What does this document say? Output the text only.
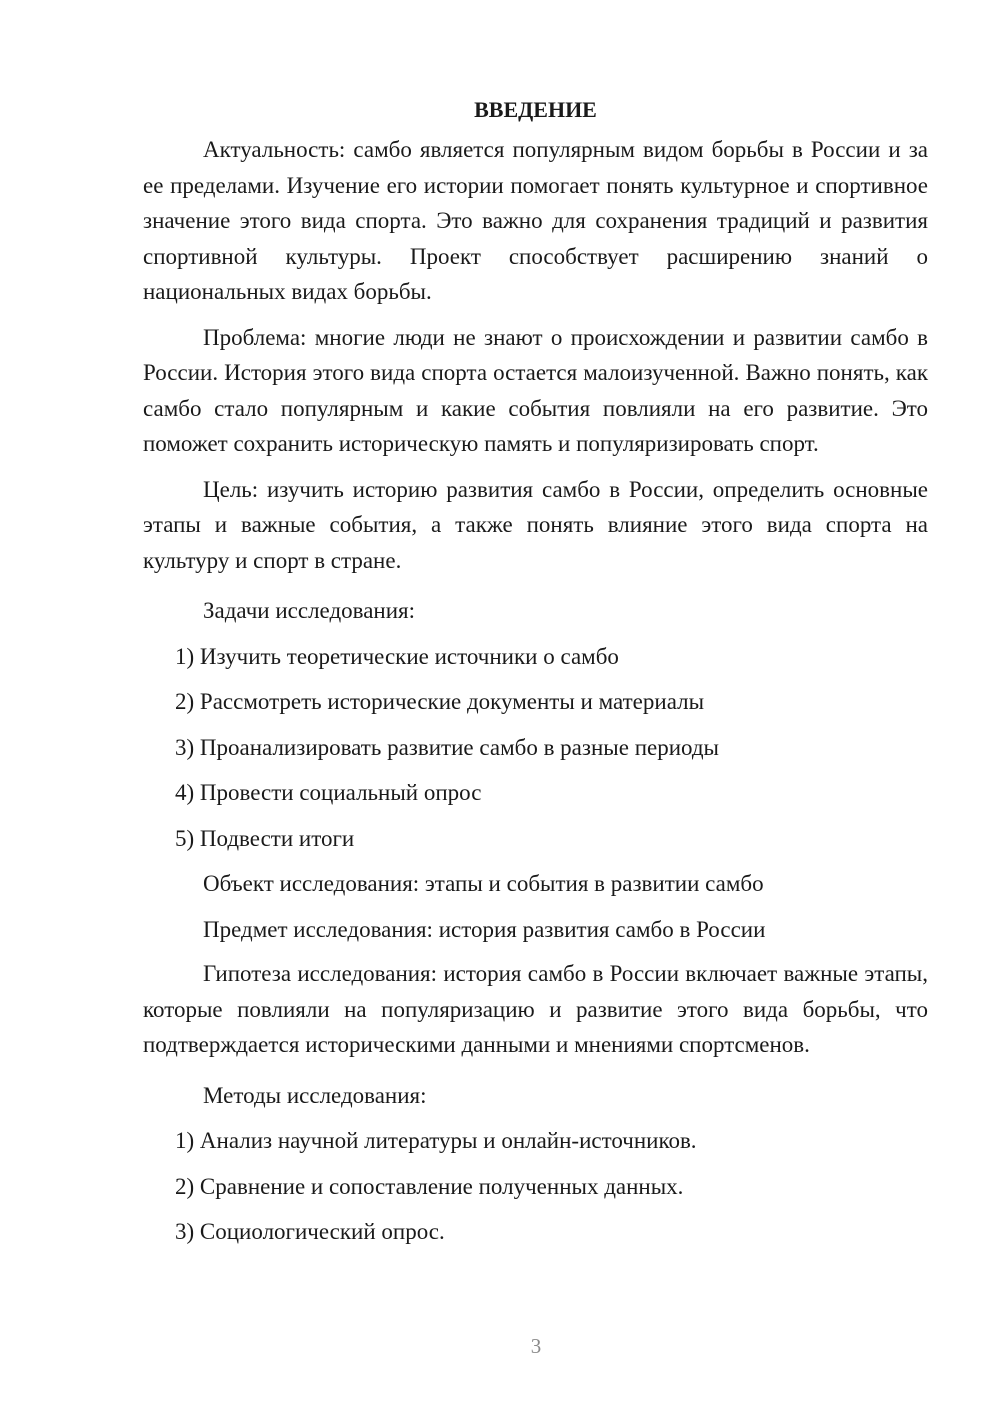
ВВЕДЕНИЕ

Актуальность: самбо является популярным видом борьбы в России и за ее пределами. Изучение его истории помогает понять культурное и спортивное значение этого вида спорта. Это важно для сохранения традиций и развития спортивной культуры. Проект способствует расширению знаний о национальных видах борьбы.

Проблема: многие люди не знают о происхождении и развитии самбо в России. История этого вида спорта остается малоизученной. Важно понять, как самбо стало популярным и какие события повлияли на его развитие. Это поможет сохранить историческую память и популяризировать спорт.

Цель: изучить историю развития самбо в России, определить основные этапы и важные события, а также понять влияние этого вида спорта на культуру и спорт в стране.

Задачи исследования:

1) Изучить теоретические источники о самбо

2) Рассмотреть исторические документы и материалы

3) Проанализировать развитие самбо в разные периоды

4) Провести социальный опрос

5) Подвести итоги

Объект исследования: этапы и события в развитии самбо

Предмет исследования: история развития самбо в России

Гипотеза исследования: история самбо в России включает важные этапы, которые повлияли на популяризацию и развитие этого вида борьбы, что подтверждается историческими данными и мнениями спортсменов.

Методы исследования:

1) Анализ научной литературы и онлайн-источников.

2) Сравнение и сопоставление полученных данных.

3) Социологический опрос.

3
